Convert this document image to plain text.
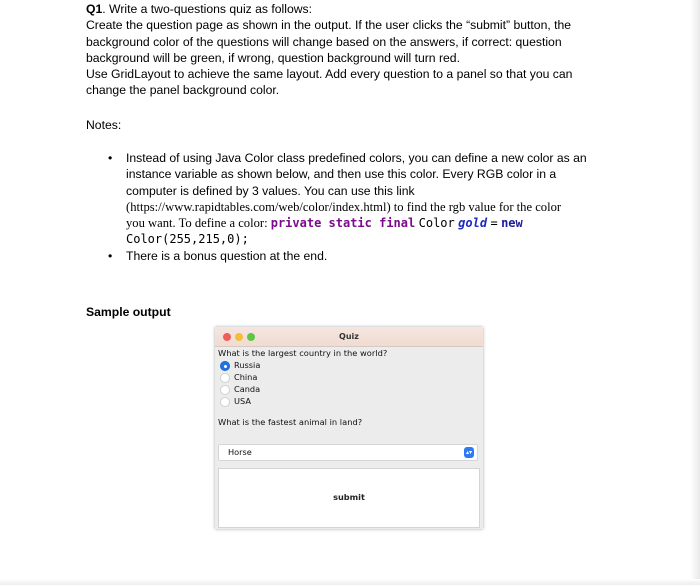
Q1. Write a two-questions quiz as follows:

Create the question page as shown in the output. If the user clicks the “submit” button, the

background color of the questions will change based on the answers, if correct: question

background will be green, if wrong, question background will turn red.

Use GridLayout to achieve the same layout. Add every question to a panel so that you can

change the panel background color.

Notes:
• Instead of using Java Color class predefined colors, you can define a new color as an

instance variable as shown below, and then use this color. Every RGB color in a

computer is defined by 3 values. You can use this link

(https://www.rapidtables.com/web/color/index.html) to find the rgb value for the color

you want. To define a color: private static final Color gold = new

Color(255,215,0);

• There is a bonus question at the end.

Sample output
Quiz
What is the largest country in the world?
Russia
China
Canda
USA
What is the fastest animal in land?
Horse	▴▾
submit
